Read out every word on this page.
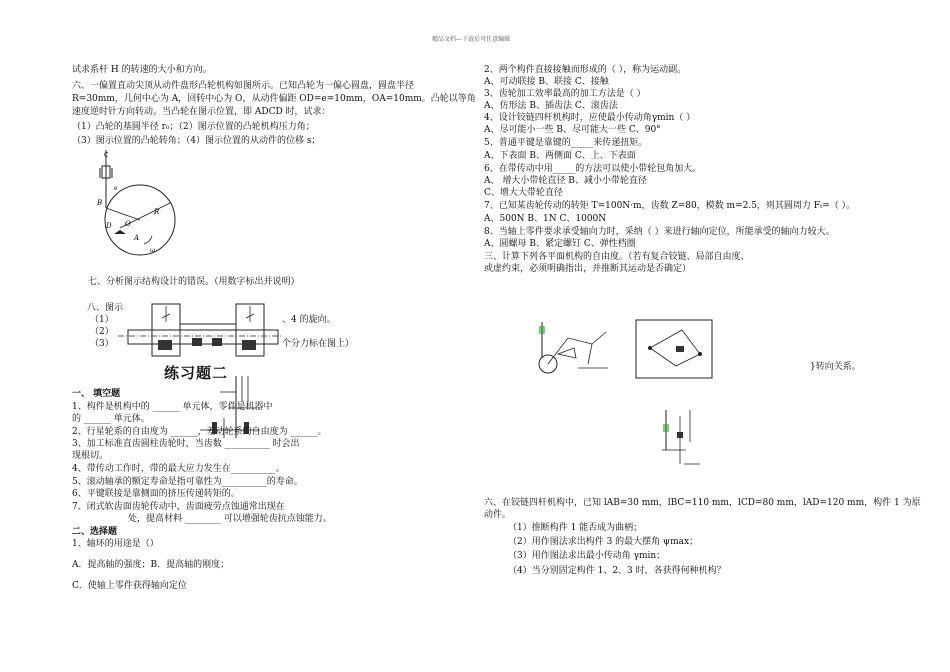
精品文档---下载后可任意编辑
试求系杆 H 的转速的大小和方向。
六、一偏置直动尖顶从动件盘形凸轮机构如图所示。已知凸轮为一偏心圆盘，圆盘半径
R=30mm，几何中心为 A，回转中心为 O，从动件偏距 OD=e=10mm，OA=10mm。凸轮以等角
速度逆时针方向转动。当凸轮在图示位置，即 ADCD 时，试求：
（1）凸轮的基圆半径 r₀；（2）图示位置的凸轮机构压力角；
（3）图示位置的凸轮转角；（4）图示位置的从动件的位移 s；
C
B
D O
A
R
ω
e
七、分析图示结构设计的错误。（用数字标出并说明）
八、图示
（1）
（2）
（3）
、4 的旋向。
个分力标在图上）
练习题二
一、 填空题
1、构件是机构中的 ______ 单元体，零件是机器中
的 ______ 单元体。
2、行星轮系的自由度为 ______，差动轮系的自由度为 ______。
3、加工标准直齿圆柱齿轮时，当齿数 __________ 时会出
现根切。
4、带传动工作时，带的最大应力发生在__________。
5、滚动轴承的额定寿命是指可靠性为__________的寿命。
6、平键联接是靠侧面的挤压传递转矩的。
7、闭式软齿面齿轮传动中，齿面疲劳点蚀通常出现在
处，提高材料 ________ 可以增强轮齿抗点蚀能力。
二、选择题
1、轴环的用途是（）
A．提高轴的强度；B．提高轴的刚度；
C．使轴上零件获得轴向定位
2、两个构件直接接触而形成的（ ），称为运动副。
A、可动联接 B、联接 C、接触
3、齿轮加工效率最高的加工方法是（ ）
A、仿形法 B、插齿法 C、滚齿法
4、设计铰链四杆机构时，应使最小传动角γmin（ ）
A、尽可能小一些 B、尽可能大一些 C、90°
5、普通平键是靠键的_____来传递扭矩。
A、下表面 B、两侧面 C、上、下表面
6、在带传动中用_____的方法可以使小带轮包角加大。
A、 增大小带轮直径 B、减小小带轮直径
C、增大大带轮直径
7、已知某齿轮传动的转矩 T=100N·m，齿数 Z=80，模数 m=2.5，则其圆周力 Fₜ=（ ）。
A、500N B、1N C、1000N
8、当轴上零件要求承受轴向力时，采纳（ ）来进行轴向定位，所能承受的轴向力较大。
A、圆螺母 B、紧定螺钉 C、弹性档圈
三、计算下列各平面机构的自由度。（若有复合铰链、局部自由度、
或虚约束，必须明确指出，并推断其运动是否确定）
}转向关系。
六、在铰链四杆机构中，已知 lAB=30 mm，lBC=110 mm，lCD=80 mm，lAD=120 mm，构件 1 为原
动件。
（1）推断构件 1 能否成为曲柄；
（2）用作图法求出构件 3 的最大摆角 ψmax；
（3）用作图法求出最小传动角 γmin；
（4）当分别固定构件 1、2、3 时，各获得何种机构？
